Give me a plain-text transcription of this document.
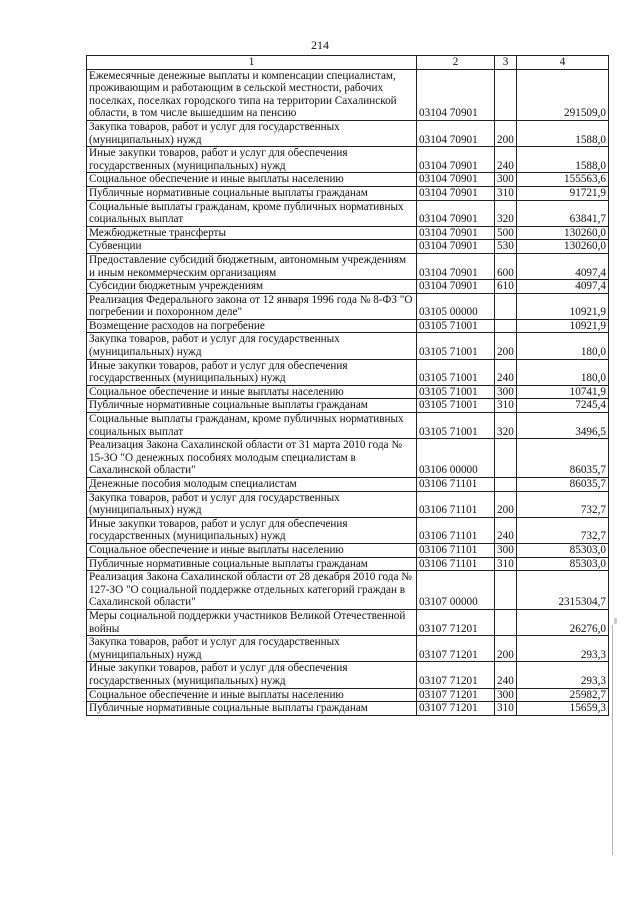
214
1	2	3	4
Ежемесячные денежные выплаты и компенсации специалистам, проживающим и работающим в сельской местности, рабочих поселках, поселках городского типа на территории Сахалинской области, в том числе вышедшим на пенсию	03104 70901		291509,0
Закупка товаров, работ и услуг для государственных (муниципальных) нужд	03104 70901	200	1588,0
Иные закупки товаров, работ и услуг для обеспечения государственных (муниципальных) нужд	03104 70901	240	1588,0
Социальное обеспечение и иные выплаты населению	03104 70901	300	155563,6
Публичные нормативные социальные выплаты гражданам	03104 70901	310	91721,9
Социальные выплаты гражданам, кроме публичных нормативных социальных выплат	03104 70901	320	63841,7
Межбюджетные трансферты	03104 70901	500	130260,0
Субвенции	03104 70901	530	130260,0
Предоставление субсидий бюджетным, автономным учреждениям и иным некоммерческим организациям	03104 70901	600	4097,4
Субсидии бюджетным учреждениям	03104 70901	610	4097,4
Реализация Федерального закона от 12 января 1996 года № 8-ФЗ "О погребении и похоронном деле"	03105 00000		10921,9
Возмещение расходов на погребение	03105 71001		10921,9
Закупка товаров, работ и услуг для государственных (муниципальных) нужд	03105 71001	200	180,0
Иные закупки товаров, работ и услуг для обеспечения государственных (муниципальных) нужд	03105 71001	240	180,0
Социальное обеспечение и иные выплаты населению	03105 71001	300	10741,9
Публичные нормативные социальные выплаты гражданам	03105 71001	310	7245,4
Социальные выплаты гражданам, кроме публичных нормативных социальных выплат	03105 71001	320	3496,5
Реализация Закона Сахалинской области от 31 марта 2010 года № 15-ЗО "О денежных пособиях молодым специалистам в Сахалинской области"	03106 00000		86035,7
Денежные пособия молодым специалистам	03106 71101		86035,7
Закупка товаров, работ и услуг для государственных (муниципальных) нужд	03106 71101	200	732,7
Иные закупки товаров, работ и услуг для обеспечения государственных (муниципальных) нужд	03106 71101	240	732,7
Социальное обеспечение и иные выплаты населению	03106 71101	300	85303,0
Публичные нормативные социальные выплаты гражданам	03106 71101	310	85303,0
Реализация Закона Сахалинской области от 28 декабря 2010 года № 127-ЗО "О социальной поддержке отдельных категорий граждан в Сахалинской области"	03107 00000		2315304,7
Меры социальной поддержки участников Великой Отечественной войны	03107 71201		26276,0
Закупка товаров, работ и услуг для государственных (муниципальных) нужд	03107 71201	200	293,3
Иные закупки товаров, работ и услуг для обеспечения государственных (муниципальных) нужд	03107 71201	240	293,3
Социальное обеспечение и иные выплаты населению	03107 71201	300	25982,7
Публичные нормативные социальные выплаты гражданам	03107 71201	310	15659,3
